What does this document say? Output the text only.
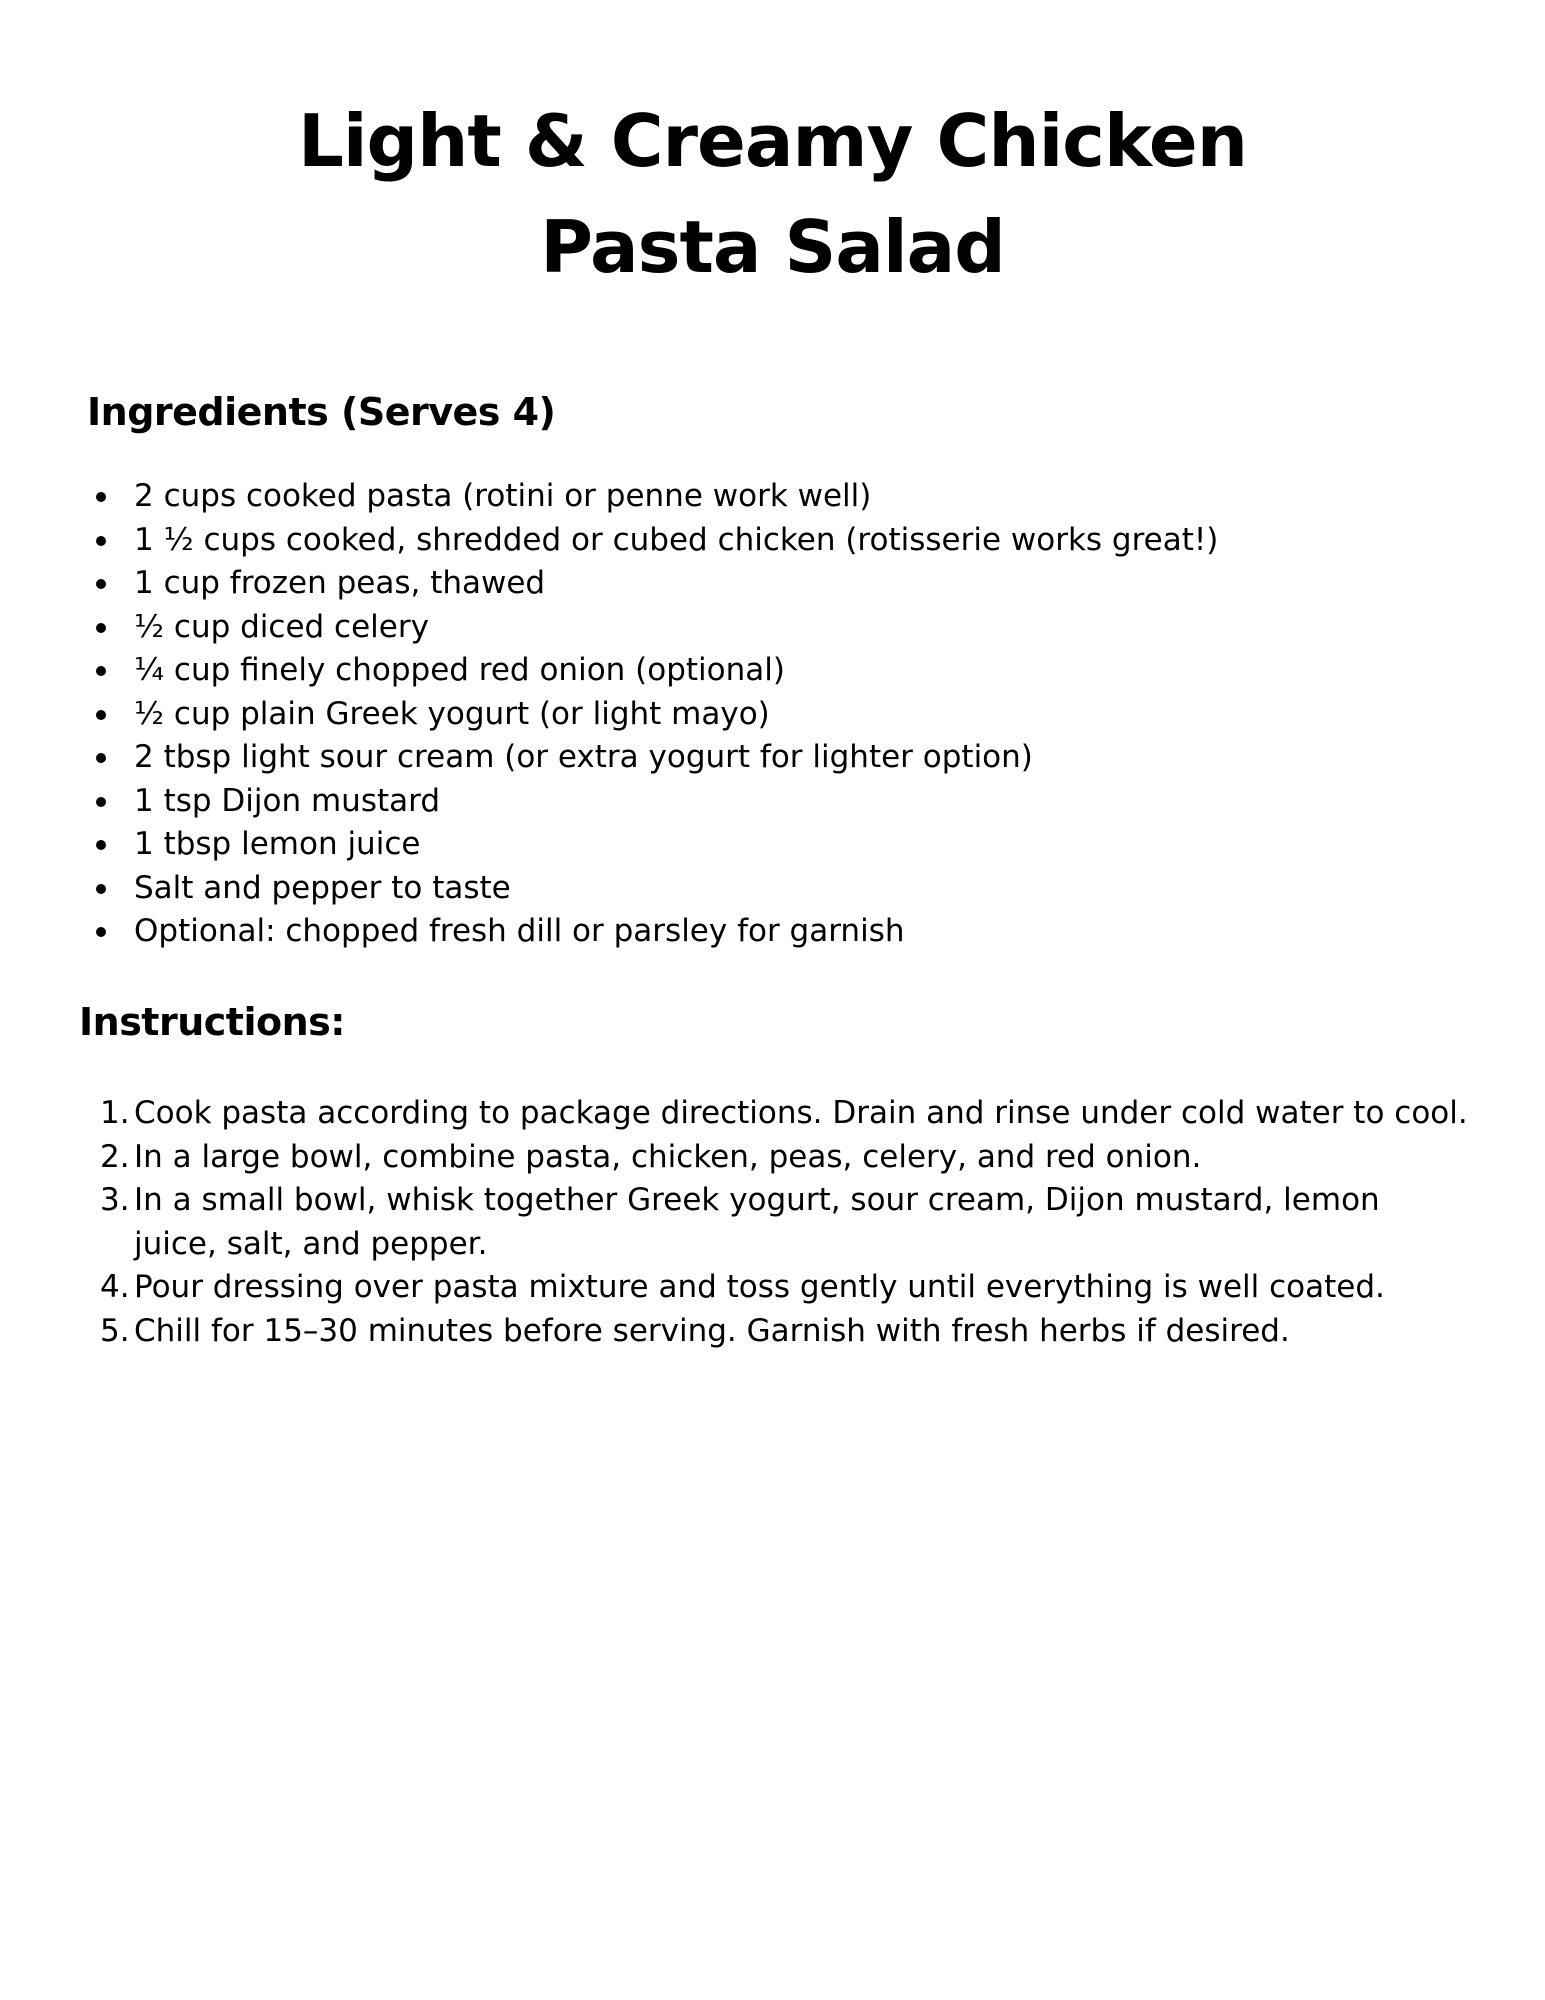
Light & Creamy Chicken
Pasta Salad
Ingredients (Serves 4)
2 cups cooked pasta (rotini or penne work well)
1 ½ cups cooked, shredded or cubed chicken (rotisserie works great!)
1 cup frozen peas, thawed
½ cup diced celery
¼ cup finely chopped red onion (optional)
½ cup plain Greek yogurt (or light mayo)
2 tbsp light sour cream (or extra yogurt for lighter option)
1 tsp Dijon mustard
1 tbsp lemon juice
Salt and pepper to taste
Optional: chopped fresh dill or parsley for garnish
Instructions:
1. Cook pasta according to package directions. Drain and rinse under cold water to cool.
2. In a large bowl, combine pasta, chicken, peas, celery, and red onion.
3. In a small bowl, whisk together Greek yogurt, sour cream, Dijon mustard, lemon juice, salt, and pepper.
4. Pour dressing over pasta mixture and toss gently until everything is well coated.
5. Chill for 15–30 minutes before serving. Garnish with fresh herbs if desired.
